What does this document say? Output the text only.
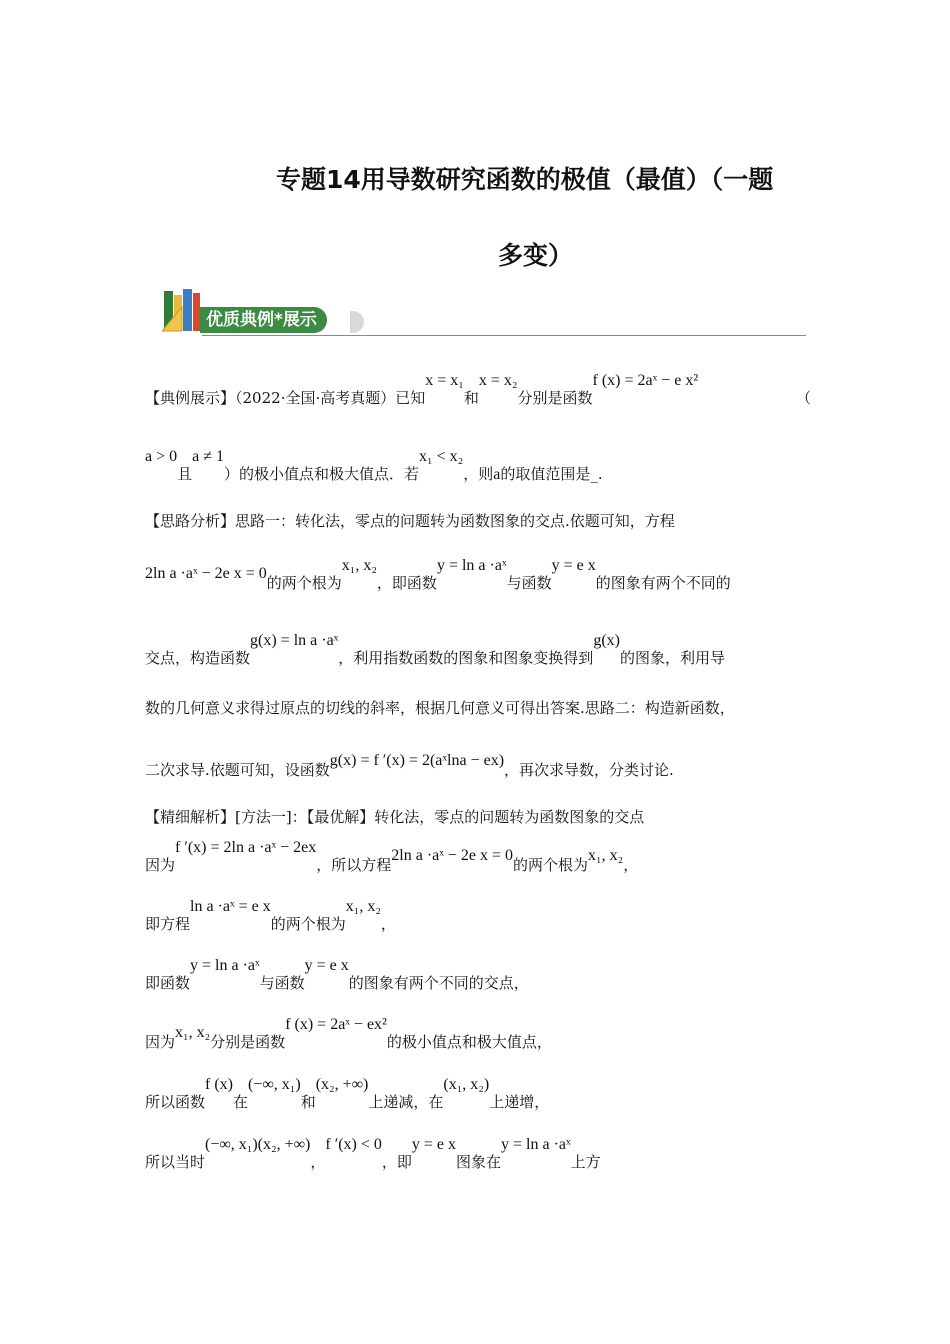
专题14用导数研究函数的极值（最值）（一题
多变）
优质典例*展示
【典例展示】（2022·全国·高考真题）已知x = x₁和x = x₂分别是函数f (x) = 2aˣ − e x²
（
a > 0且a ≠ 1）的极小值点和极大值点．若x₁ < x₂，则a的取值范围是_.
【思路分析】思路一：转化法，零点的问题转为函数图象的交点.依题可知，方程
2ln a ·aˣ − 2e x = 0的两个根为x₁, x₂，即函数y = ln a ·aˣ与函数y = e x的图象有两个不同的
交点，构造函数g(x) = ln a ·aˣ，利用指数函数的图象和图象变换得到g(x)的图象，利用导
数的几何意义求得过原点的切线的斜率，根据几何意义可得出答案.思路二：构造新函数，
二次求导.依题可知，设函数g(x) = f ′(x) = 2(aˣlna − ex)，再次求导数，分类讨论.
【精细解析】[方法一]：【最优解】转化法，零点的问题转为函数图象的交点
因为f ′(x) = 2ln a ·aˣ − 2ex，所以方程2ln a ·aˣ − 2e x = 0的两个根为x₁, x₂，
即方程ln a ·aˣ = e x的两个根为x₁, x₂，
即函数y = ln a ·aˣ与函数y = e x的图象有两个不同的交点，
因为x₁, x₂分别是函数f (x) = 2aˣ − ex²的极小值点和极大值点，
所以函数f (x)在(−∞, x₁)和(x₂, +∞)上递减，在(x₁, x₂)上递增，
所以当时(−∞, x₁)(x₂, +∞)，f ′(x) < 0，即y = e x图象在y = ln a ·aˣ上方
